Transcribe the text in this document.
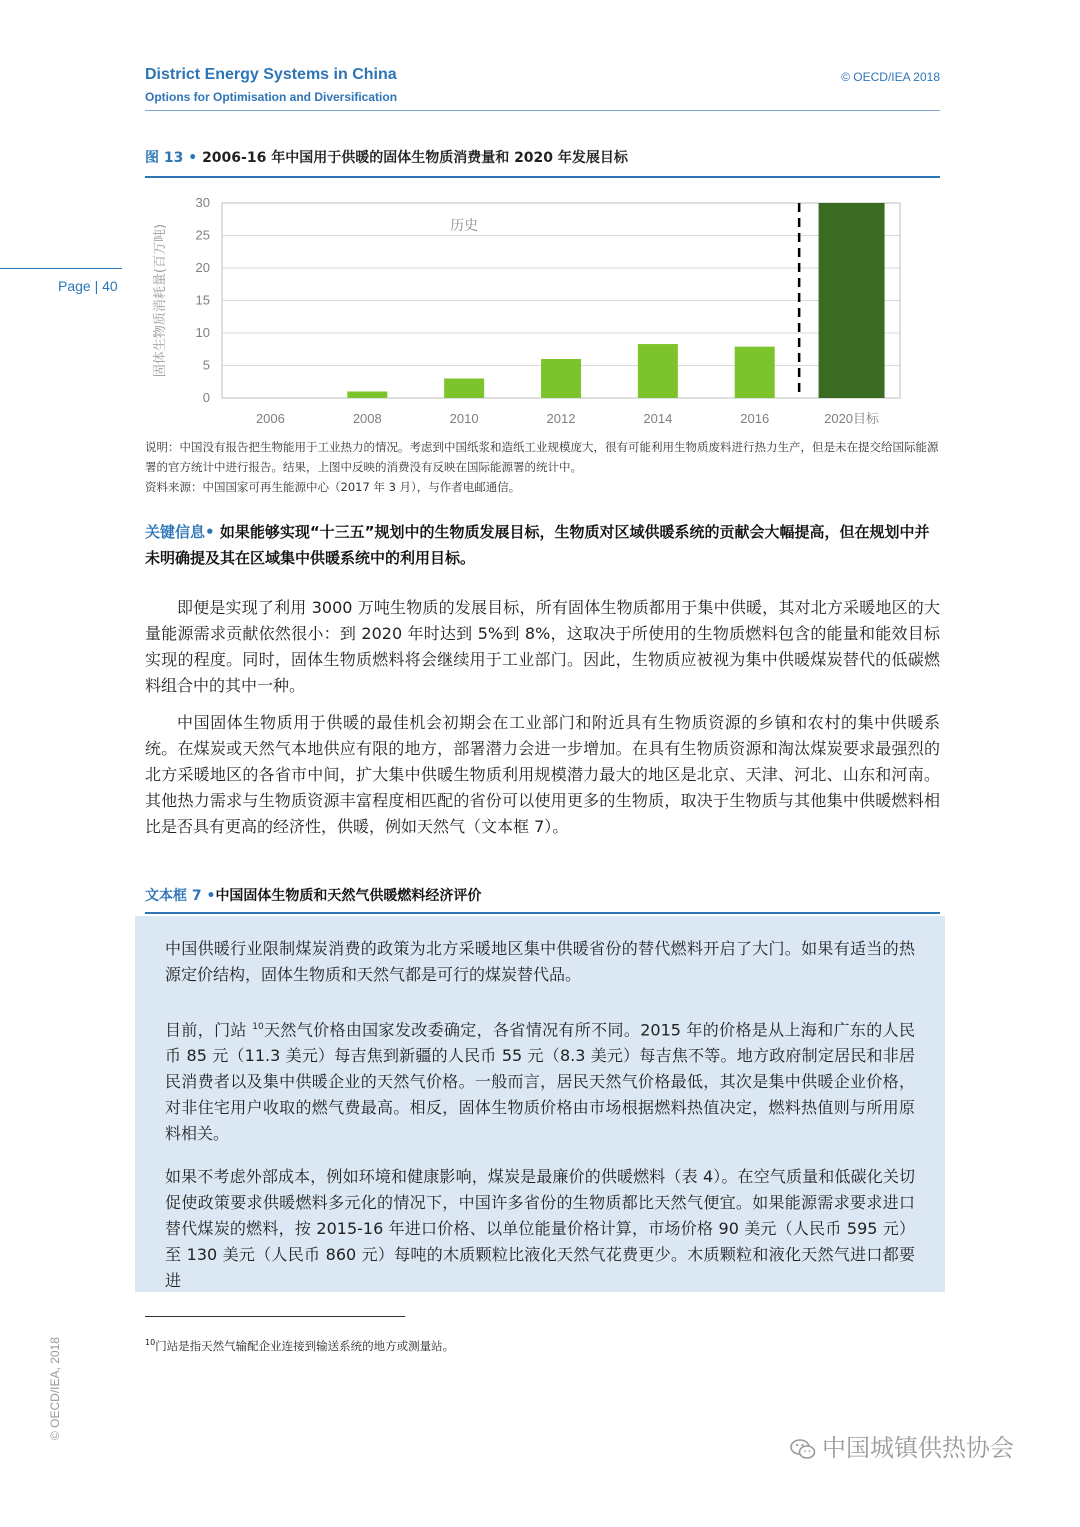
District Energy Systems in China
Options for Optimisation and Diversification
© OECD/IEA 2018
Page | 40
© OECD/IEA, 2018
图 13 • 2006-16 年中国用于供暖的固体生物质消费量和 2020 年发展目标
0
5
10
15
20
25
30
固体生物质消耗量(百万吨)
2006	2008	2010	2012	2014	2016	2020目标
历史
说明：中国没有报告把生物能用于工业热力的情况。考虑到中国纸浆和造纸工业规模庞大，很有可能利用生物质废料进行热力生产，但是未在提交给国际能源署的官方统计中进行报告。结果，上图中反映的消费没有反映在国际能源署的统计中。
资料来源：中国国家可再生能源中心（2017 年 3 月），与作者电邮通信。
关键信息• 如果能够实现“十三五”规划中的生物质发展目标，生物质对区域供暖系统的贡献会大幅提高，但在规划中并未明确提及其在区域集中供暖系统中的利用目标。
即便是实现了利用 3000 万吨生物质的发展目标，所有固体生物质都用于集中供暖，其对北方采暖地区的大量能源需求贡献依然很小：到 2020 年时达到 5%到 8%，这取决于所使用的生物质燃料包含的能量和能效目标实现的程度。同时，固体生物质燃料将会继续用于工业部门。因此，生物质应被视为集中供暖煤炭替代的低碳燃料组合中的其中一种。
中国固体生物质用于供暖的最佳机会初期会在工业部门和附近具有生物质资源的乡镇和农村的集中供暖系统。在煤炭或天然气本地供应有限的地方，部署潜力会进一步增加。在具有生物质资源和淘汰煤炭要求最强烈的北方采暖地区的各省市中间，扩大集中供暖生物质利用规模潜力最大的地区是北京、天津、河北、山东和河南。其他热力需求与生物质资源丰富程度相匹配的省份可以使用更多的生物质，取决于生物质与其他集中供暖燃料相比是否具有更高的经济性，供暖，例如天然气（文本框 7）。
文本框 7 •中国固体生物质和天然气供暖燃料经济评价

中国供暖行业限制煤炭消费的政策为北方采暖地区集中供暖省份的替代燃料开启了大门。如果有适当的热源定价结构，固体生物质和天然气都是可行的煤炭替代品。

目前，门站 $^{10}$天然气价格由国家发改委确定，各省情况有所不同。2015 年的价格是从上海和广东的人民币 85 元（11.3 美元）每吉焦到新疆的人民币 55 元（8.3 美元）每吉焦不等。地方政府制定居民和非居民消费者以及集中供暖企业的天然气价格。一般而言，居民天然气价格最低，其次是集中供暖企业价格，对非住宅用户收取的燃气费最高。相反，固体生物质价格由市场根据燃料热值决定，燃料热值则与所用原料相关。

如果不考虑外部成本，例如环境和健康影响，煤炭是最廉价的供暖燃料（表 4）。在空气质量和低碳化关切促使政策要求供暖燃料多元化的情况下，中国许多省份的生物质都比天然气便宜。如果能源需求要求进口替代煤炭的燃料，按 2015-16 年进口价格、以单位能量价格计算，市场价格 90 美元（人民币 595 元）至 130 美元（人民币 860 元）每吨的木质颗粒比液化天然气花费更少。木质颗粒和液化天然气进口都要进

$^{10}$门站是指天然气输配企业连接到输送系统的地方或测量站。
中国城镇供热协会
